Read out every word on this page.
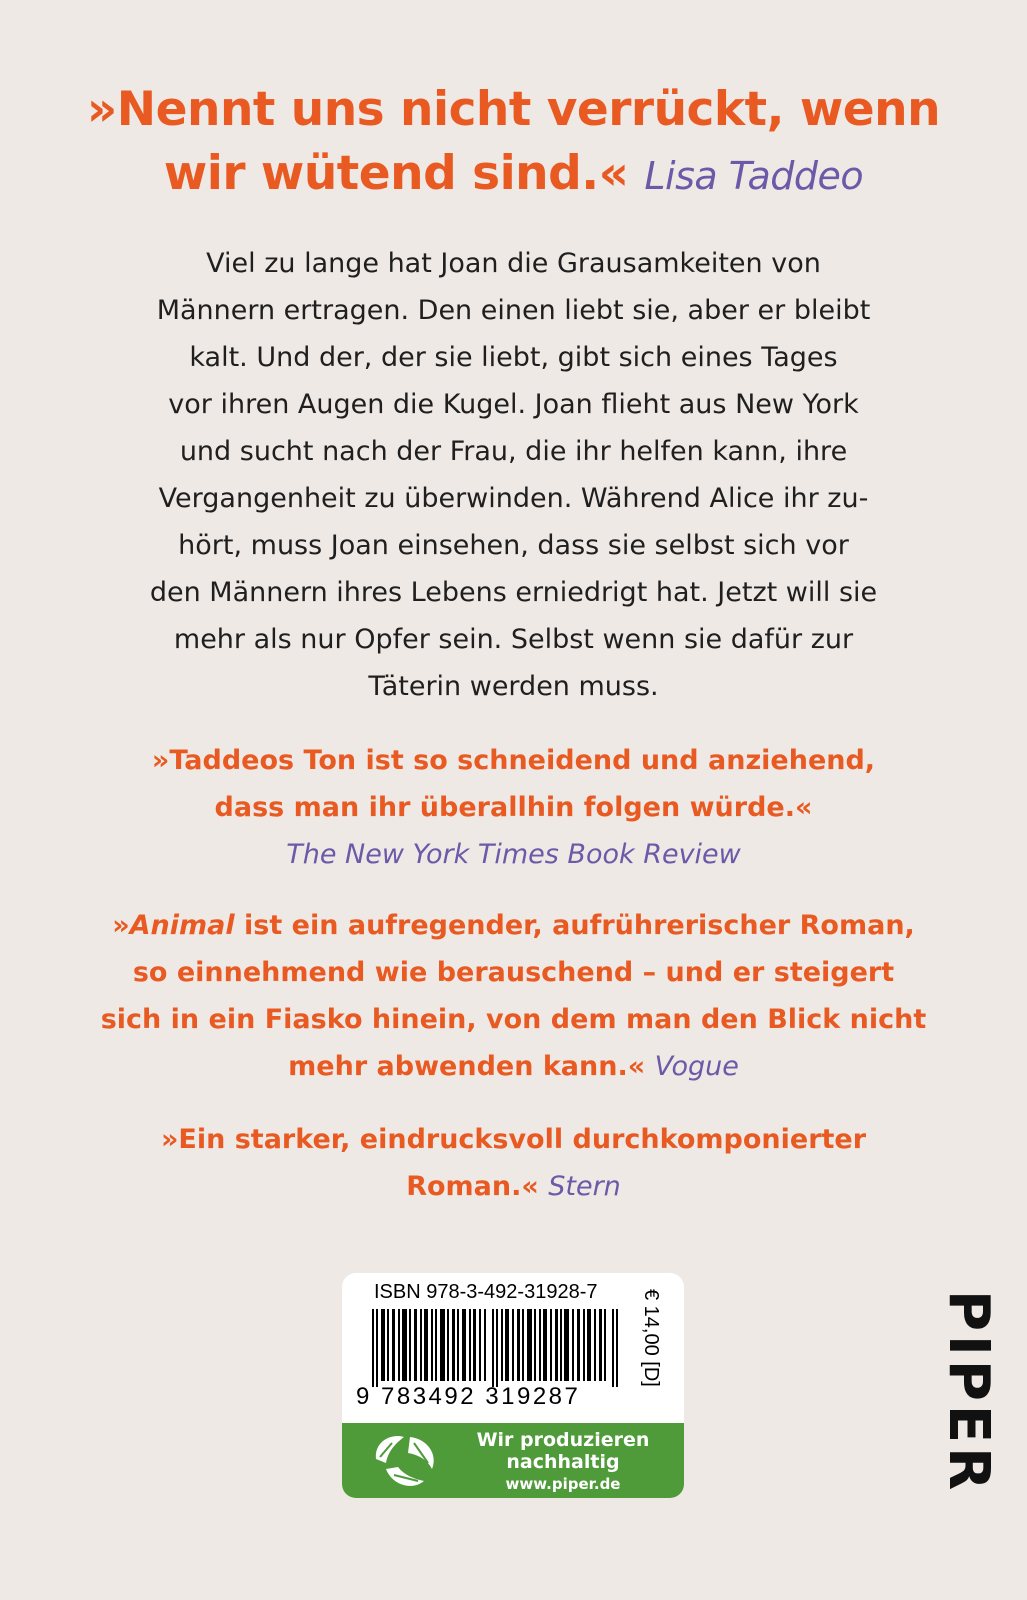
»Nennt uns nicht verrückt, wenn
wir wütend sind.« Lisa Taddeo
Viel zu lange hat Joan die Grausamkeiten von
Männern ertragen. Den einen liebt sie, aber er bleibt
kalt. Und der, der sie liebt, gibt sich eines Tages
vor ihren Augen die Kugel. Joan flieht aus New York
und sucht nach der Frau, die ihr helfen kann, ihre
Vergangenheit zu überwinden. Während Alice ihr zu-
hört, muss Joan einsehen, dass sie selbst sich vor
den Männern ihres Lebens erniedrigt hat. Jetzt will sie
mehr als nur Opfer sein. Selbst wenn sie dafür zur
Täterin werden muss.
»Taddeos Ton ist so schneidend und anziehend,
dass man ihr überallhin folgen würde.«
The New York Times Book Review
»Animal ist ein aufregender, aufrührerischer Roman,
so einnehmend wie berauschend – und er steigert
sich in ein Fiasko hinein, von dem man den Blick nicht
mehr abwenden kann.« Vogue
»Ein starker, eindrucksvoll durchkomponierter
Roman.« Stern
ISBN 978-3-492-31928-7
9 783492 319287
€ 14,00 [D]
Wir produzieren
nachhaltig
www.piper.de	PIPER
